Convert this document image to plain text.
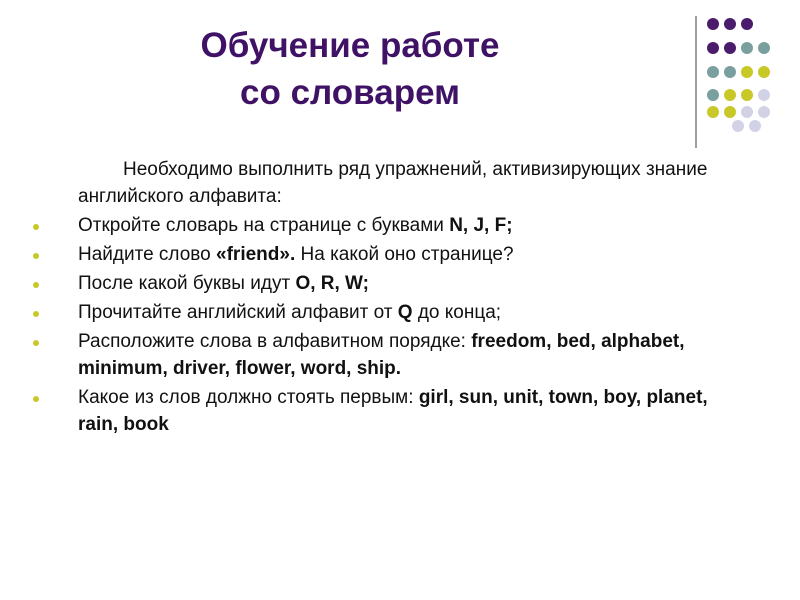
Обучение работе
со словарем
Необходимо выполнить ряд упражнений, активизирующих знание английского алфавита:
Откройте словарь на странице с буквами N, J, F;
Найдите слово «friend». На какой оно странице?
После какой буквы идут O, R, W;
Прочитайте английский алфавит от Q до конца;
Расположите слова в алфавитном порядке: freedom, bed, alphabet, minimum, driver, flower, word, ship.
Какое из слов должно стоять первым: girl, sun, unit, town, boy, planet, rain, book
